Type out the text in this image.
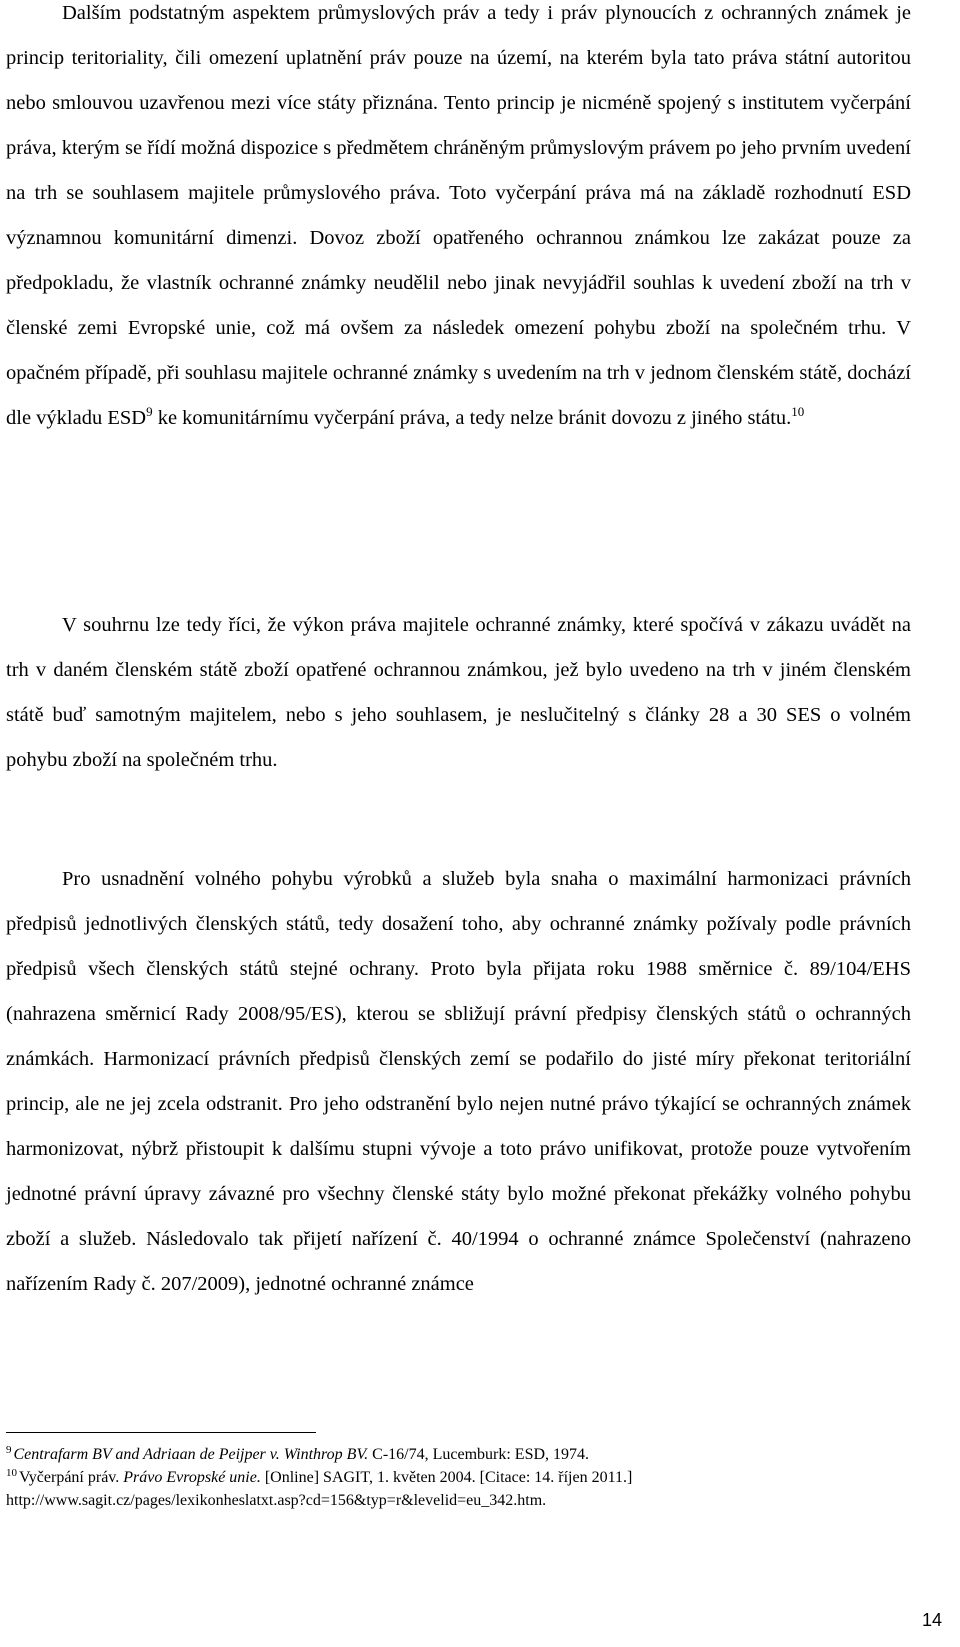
Dalším podstatným aspektem průmyslových práv a tedy i práv plynoucích z ochranných známek je princip teritoriality, čili omezení uplatnění práv pouze na území, na kterém byla tato práva státní autoritou nebo smlouvou uzavřenou mezi více státy přiznána. Tento princip je nicméně spojený s institutem vyčerpání práva, kterým se řídí možná dispozice s předmětem chráněným průmyslovým právem po jeho prvním uvedení na trh se souhlasem majitele průmyslového práva. Toto vyčerpání práva má na základě rozhodnutí ESD významnou komunitární dimenzi. Dovoz zboží opatřeného ochrannou známkou lze zakázat pouze za předpokladu, že vlastník ochranné známky neudělil nebo jinak nevyjádřil souhlas k uvedení zboží na trh v členské zemi Evropské unie, což má ovšem za následek omezení pohybu zboží na společném trhu. V opačném případě, při souhlasu majitele ochranné známky s uvedením na trh v jednom členském státě, dochází dle výkladu ESD$^9$ ke komunitárnímu vyčerpání práva, a tedy nelze bránit dovozu z jiného státu.$^{10}$

V souhrnu lze tedy říci, že výkon práva majitele ochranné známky, které spočívá v zákazu uvádět na trh v daném členském státě zboží opatřené ochrannou známkou, jež bylo uvedeno na trh v jiném členském státě buď samotným majitelem, nebo s jeho souhlasem, je neslučitelný s články 28 a 30 SES o volném pohybu zboží na společném trhu.

Pro usnadnění volného pohybu výrobků a služeb byla snaha o maximální harmonizaci právních předpisů jednotlivých členských států, tedy dosažení toho, aby ochranné známky požívaly podle právních předpisů všech členských států stejné ochrany. Proto byla přijata roku 1988 směrnice č. 89/104/EHS (nahrazena směrnicí Rady 2008/95/ES), kterou se sbližují právní předpisy členských států o ochranných známkách. Harmonizací právních předpisů členských zemí se podařilo do jisté míry překonat teritoriální princip, ale ne jej zcela odstranit. Pro jeho odstranění bylo nejen nutné právo týkající se ochranných známek harmonizovat, nýbrž přistoupit k dalšímu stupni vývoje a toto právo unifikovat, protože pouze vytvořením jednotné právní úpravy závazné pro všechny členské státy bylo možné překonat překážky volného pohybu zboží a služeb. Následovalo tak přijetí nařízení č. 40/1994 o ochranné známce Společenství (nahrazeno nařízením Rady č. 207/2009), jednotné ochranné známce

$^9$ Centrafarm BV and Adriaan de Peijper v. Winthrop BV. C-16/74, Lucemburk: ESD, 1974.

$^{10}$ Vyčerpání práv. Právo Evropské unie. [Online] SAGIT, 1. květen 2004. [Citace: 14. říjen 2011.]

http://www.sagit.cz/pages/lexikonheslatxt.asp?cd=156&typ=r&levelid=eu_342.htm.

14
